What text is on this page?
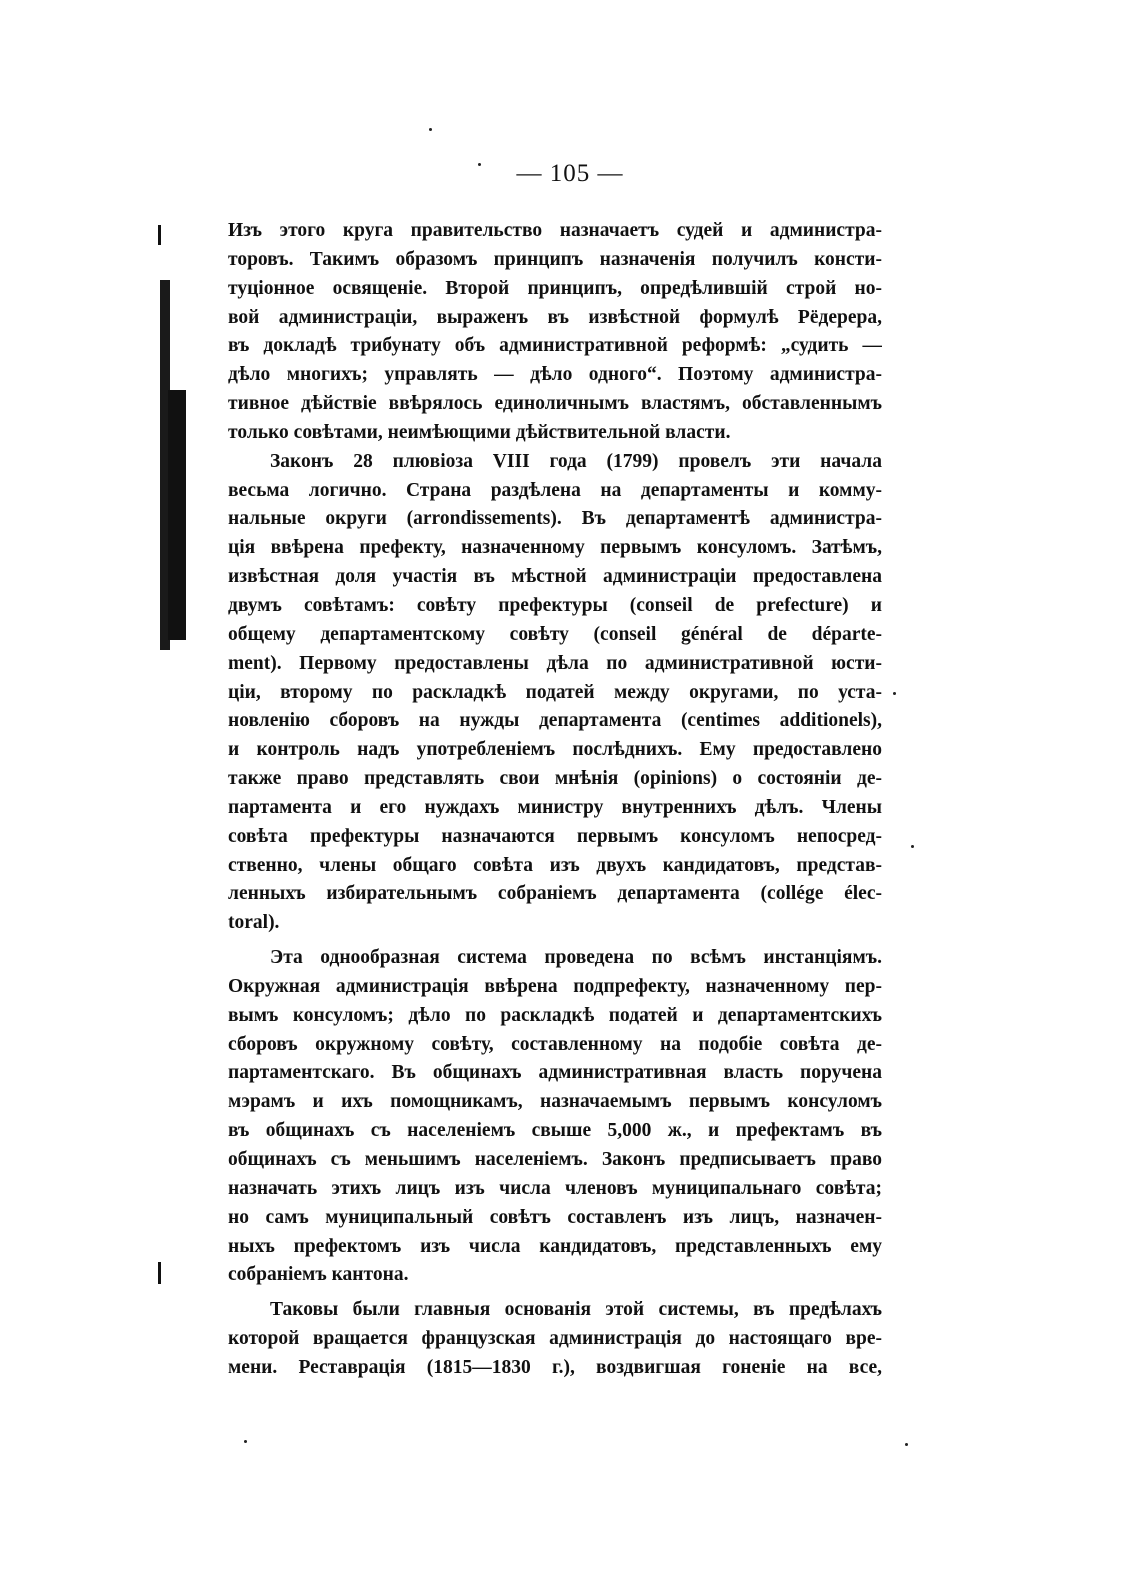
— 105 —
Изъ этого круга правительство назначаетъ судей и администра-
торовъ. Такимъ образомъ принципъ назначенія получилъ консти-
туціонное освященіе. Второй принципъ, опредѣлившій строй но-
вой администраціи, выраженъ въ извѣстной формулѣ Рёдерера,
въ докладѣ трибунату объ административной реформѣ: „судить —
дѣло многихъ; управлять — дѣло одного“. Поэтому администра-
тивное дѣйствіе ввѣрялось единоличнымъ властямъ, обставленнымъ
только совѣтами, неимѣющими дѣйствительной власти.
Законъ 28 плювіоза VIII года (1799) провелъ эти начала
весьма логично. Страна раздѣлена на департаменты и комму-
нальные округи (arrondissements). Въ департаментѣ администра-
ція ввѣрена префекту, назначенному первымъ консуломъ. Затѣмъ,
извѣстная доля участія въ мѣстной администраціи предоставлена
двумъ совѣтамъ: совѣту префектуры (conseil de prefecture) и
общему департаментскому совѣту (conseil général de départe-
ment). Первому предоставлены дѣла по административной юсти-
ціи, второму по раскладкѣ податей между округами, по уста-
новленію сборовъ на нужды департамента (centimes additionels),
и контроль надъ употребленіемъ послѣднихъ. Ему предоставлено
также право представлять свои мнѣнія (opinions) о состояніи де-
партамента и его нуждахъ министру внутреннихъ дѣлъ. Члены
совѣта префектуры назначаются первымъ консуломъ непосред-
ственно, члены общаго совѣта изъ двухъ кандидатовъ, представ-
ленныхъ избирательнымъ собраніемъ департамента (collége élec-
toral).
Эта однообразная система проведена по всѣмъ инстанціямъ.
Окружная администрація ввѣрена подпрефекту, назначенному пер-
вымъ консуломъ; дѣло по раскладкѣ податей и департаментскихъ
сборовъ окружному совѣту, составленному на подобіе совѣта де-
партаментскаго. Въ общинахъ административная власть поручена
мэрамъ и ихъ помощникамъ, назначаемымъ первымъ консуломъ
въ общинахъ съ населеніемъ свыше 5,000 ж., и префектамъ въ
общинахъ съ меньшимъ населеніемъ. Законъ предписываетъ право
назначать этихъ лицъ изъ числа членовъ муниципальнаго совѣта;
но самъ муниципальный совѣтъ составленъ изъ лицъ, назначен-
ныхъ префектомъ изъ числа кандидатовъ, представленныхъ ему
собраніемъ кантона.
Таковы были главныя основанія этой системы, въ предѣлахъ
которой вращается французская администрація до настоящаго вре-
мени. Реставрація (1815—1830 г.), воздвигшая гоненіе на все,
